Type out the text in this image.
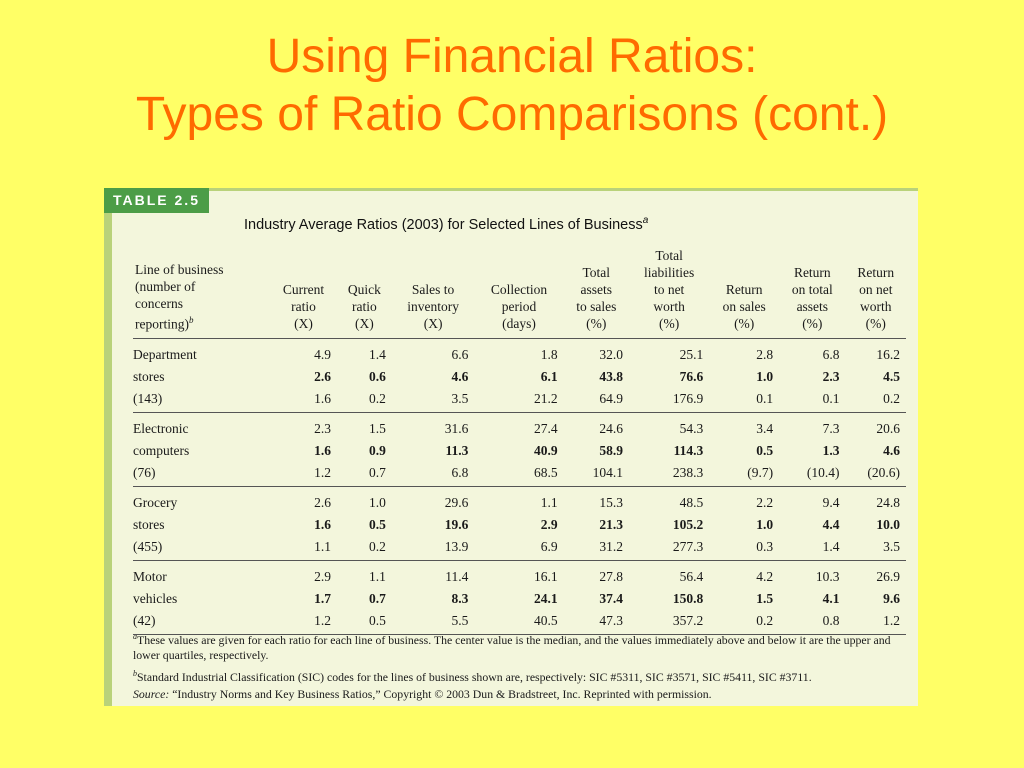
Using Financial Ratios:
Types of Ratio Comparisons (cont.)
TABLE 2.5
Industry Average Ratios (2003) for Selected Lines of Business$^a$
Line of business
(number of
concerns
reporting)$^b$	Current
ratio
(X)	Quick
ratio
(X)	Sales to
inventory
(X)	Collection
period
(days)	Total
assets
to sales
(%)	Total
liabilities
to net
worth
(%)	Return
on sales
(%)	Return
on total
assets
(%)	Return
on net
worth
(%)
Department	4.9	1.4	6.6	1.8	32.0	25.1	2.8	6.8	16.2
stores	2.6	0.6	4.6	6.1	43.8	76.6	1.0	2.3	4.5
(143)	1.6	0.2	3.5	21.2	64.9	176.9	0.1	0.1	0.2
Electronic	2.3	1.5	31.6	27.4	24.6	54.3	3.4	7.3	20.6
computers	1.6	0.9	11.3	40.9	58.9	114.3	0.5	1.3	4.6
(76)	1.2	0.7	6.8	68.5	104.1	238.3	(9.7)	(10.4)	(20.6)
Grocery	2.6	1.0	29.6	1.1	15.3	48.5	2.2	9.4	24.8
stores	1.6	0.5	19.6	2.9	21.3	105.2	1.0	4.4	10.0
(455)	1.1	0.2	13.9	6.9	31.2	277.3	0.3	1.4	3.5
Motor	2.9	1.1	11.4	16.1	27.8	56.4	4.2	10.3	26.9
vehicles	1.7	0.7	8.3	24.1	37.4	150.8	1.5	4.1	9.6
(42)	1.2	0.5	5.5	40.5	47.3	357.2	0.2	0.8	1.2

$^a$These values are given for each ratio for each line of business. The center value is the median, and the values immediately above and below it are the upper and lower quartiles, respectively.

$^b$Standard Industrial Classification (SIC) codes for the lines of business shown are, respectively: SIC #5311, SIC #3571, SIC #5411, SIC #3711.

Source: “Industry Norms and Key Business Ratios,” Copyright © 2003 Dun & Bradstreet, Inc. Reprinted with permission.
